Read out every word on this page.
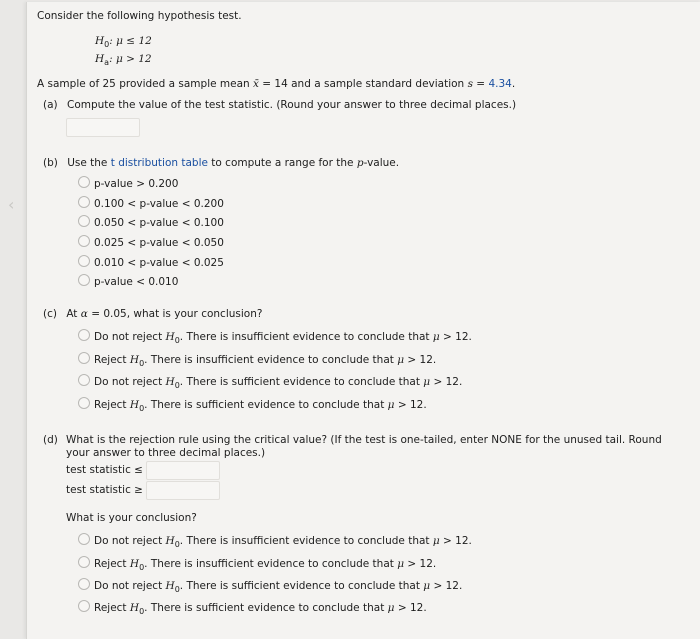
‹
Consider the following hypothesis test.
$H_0$: μ ≤ 12
$H_a$: μ > 12
A sample of 25 provided a sample mean x̄ = 14 and a sample standard deviation s = 4.34.
(a) Compute the value of the test statistic. (Round your answer to three decimal places.)
(b) Use the t distribution table to compute a range for the p-value.
p-value > 0.200
0.100 < p-value < 0.200
0.050 < p-value < 0.100
0.025 < p-value < 0.050
0.010 < p-value < 0.025
p-value < 0.010
(c) At α = 0.05, what is your conclusion?
Do not reject $H_0$. There is insufficient evidence to conclude that μ > 12.
Reject $H_0$. There is insufficient evidence to conclude that μ > 12.
Do not reject $H_0$. There is sufficient evidence to conclude that μ > 12.
Reject $H_0$. There is sufficient evidence to conclude that μ > 12.
(d) What is the rejection rule using the critical value? (If the test is one-tailed, enter NONE for the unused tail. Round your answer to three decimal places.)
test statistic ≤
test statistic ≥
What is your conclusion?
Do not reject $H_0$. There is insufficient evidence to conclude that μ > 12.
Reject $H_0$. There is insufficient evidence to conclude that μ > 12.
Do not reject $H_0$. There is sufficient evidence to conclude that μ > 12.
Reject $H_0$. There is sufficient evidence to conclude that μ > 12.
